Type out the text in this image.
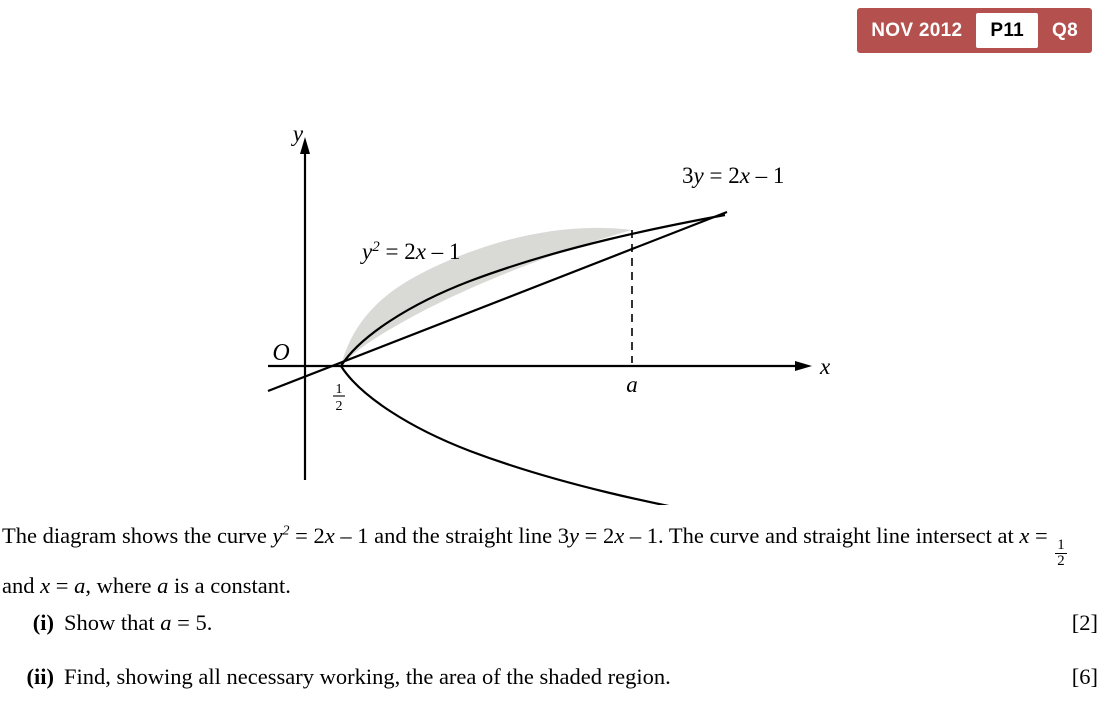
NOV 2012	P11	Q8
y
x
O
a
1
2
$y^2 = 2x - 1$
3y = 2x – 1

The diagram shows the curve $y^2 = 2x - 1$ and the straight line 3y = 2x – 1. The curve and straight line intersect at x =
$\frac{1}{2}$
and x = a, where a is a constant.

(i) Show that a = 5.	[2]
(ii) Find, showing all necessary working, the area of the shaded region.	[6]
